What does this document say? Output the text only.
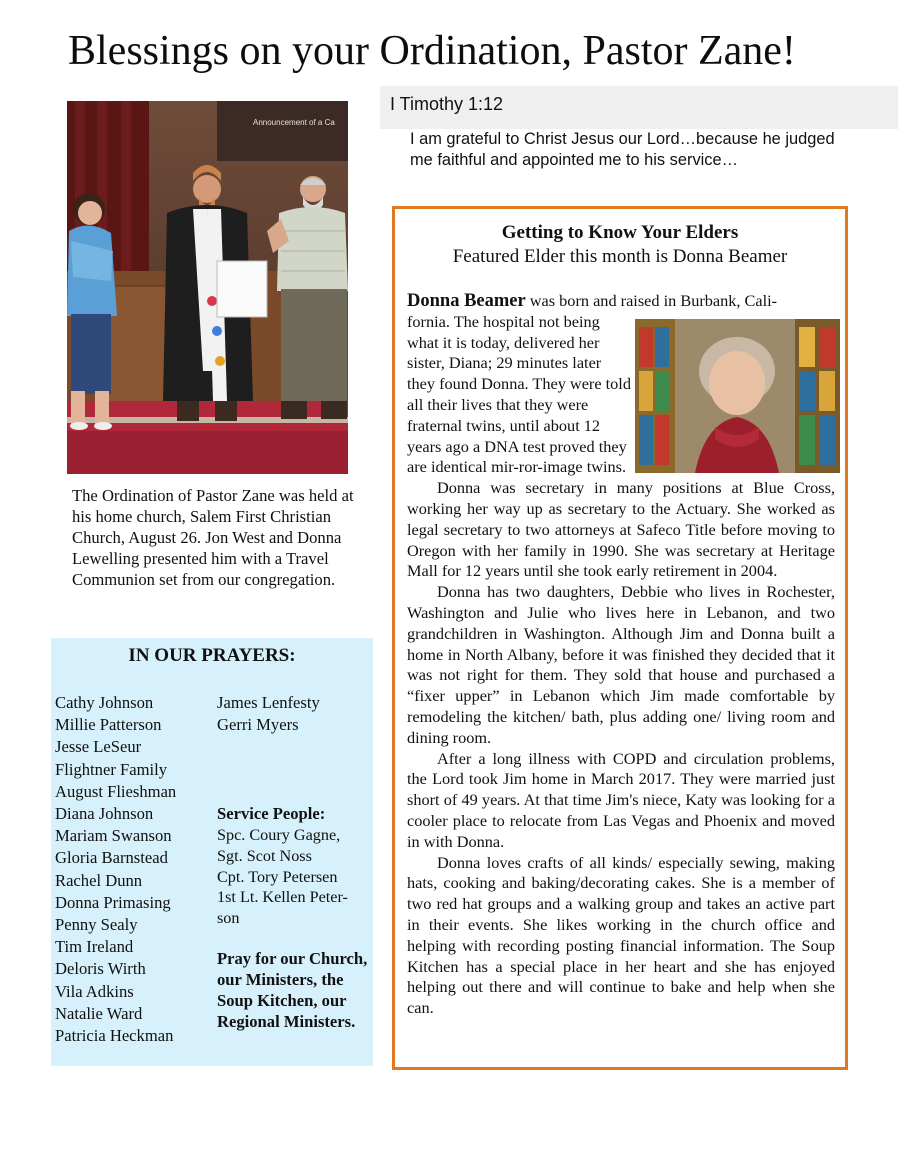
Blessings on your Ordination, Pastor Zane!
Announcement of a Ca
The Ordination of Pastor Zane was held at his home church, Salem First Christian Church, August 26. Jon West and Donna Lewelling presented him with a Travel Communion set from our congregation.
IN OUR PRAYERS:
Cathy Johnson
Millie Patterson
Jesse LeSeur
Flightner Family
August Flieshman
Diana Johnson
Mariam Swanson
Gloria Barnstead
Rachel Dunn
Donna Primasing
Penny Sealy
Tim Ireland
Deloris Wirth
Vila Adkins
Natalie Ward
Patricia Heckman
James Lenfesty
Gerri Myers
Service People:
Spc. Coury Gagne,
Sgt. Scot Noss
Cpt. Tory Petersen
1st Lt. Kellen Peter-son
Pray for our Church, our Ministers, the Soup Kitchen, our Regional Ministers.
I Timothy 1:12
I am grateful to Christ Jesus our Lord…because he judged me faithful and appointed me to his service…
Getting to Know Your Elders
Featured Elder this month is Donna Beamer
Donna Beamer was born and raised in Burbank, Cali-
fornia. The hospital not being what it is today, delivered her sister, Diana; 29 minutes later they found Donna. They were told all their lives that they were fraternal twins, until about 12 years ago a DNA test proved they are identical mir-ror-image twins.
Donna was secretary in many positions at Blue Cross, working her way up as secretary to the Actuary. She worked as legal secretary to two attorneys at Safeco Title before moving to Oregon with her family in 1990. She was secretary at Heritage Mall for 12 years until she took early retirement in 2004.
Donna has two daughters, Debbie who lives in Rochester, Washington and Julie who lives here in Lebanon, and two grandchildren in Washington. Although Jim and Donna built a home in North Albany, before it was finished they decided that it was not right for them. They sold that house and purchased a “fixer upper” in Lebanon which Jim made comfortable by remodeling the kitchen/ bath, plus adding one/ living room and dining room.
After a long illness with COPD and circulation problems, the Lord took Jim home in March 2017. They were married just short of 49 years. At that time Jim's niece, Katy was looking for a cooler place to relocate from Las Vegas and Phoenix and moved in with Donna.
Donna loves crafts of all kinds/ especially sewing, making hats, cooking and baking/decorating cakes. She is a member of two red hat groups and a walking group and takes an active part in their events. She likes working in the church office and helping with recording posting financial information. The Soup Kitchen has a special place in her heart and she has enjoyed helping out there and will continue to bake and help when she can.
